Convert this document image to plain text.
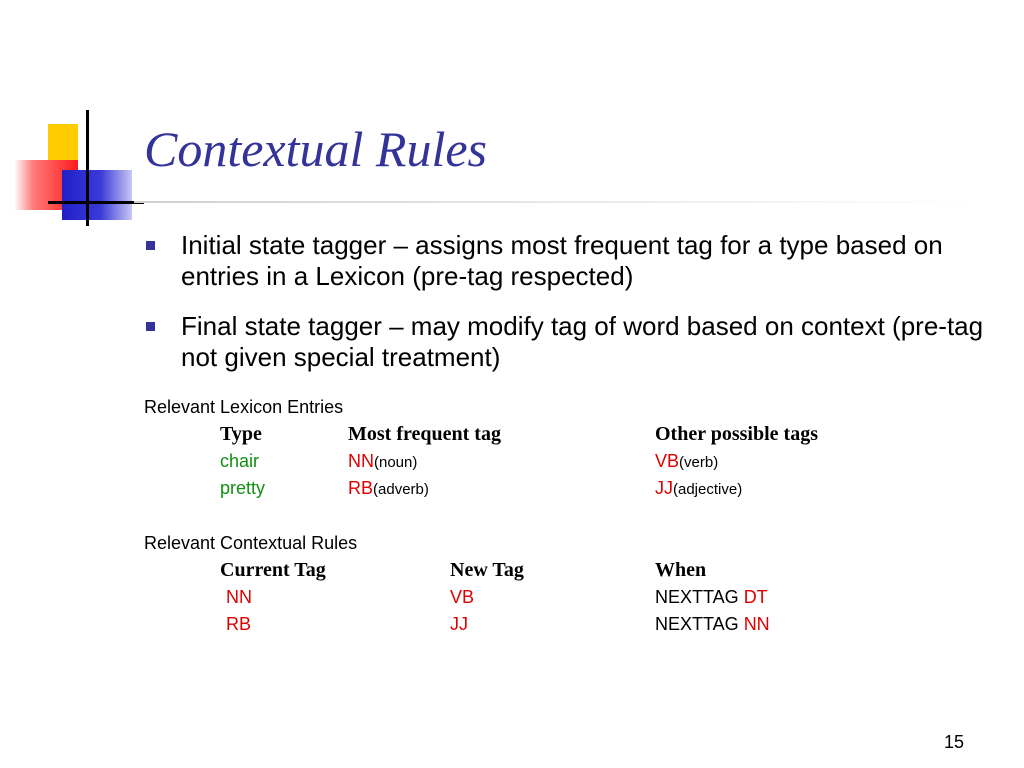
Contextual Rules
Initial state tagger – assigns most frequent tag for a type based on entries in a Lexicon (pre-tag respected)
Final state tagger – may modify tag of word based on context (pre-tag not given special treatment)
Relevant Lexicon Entries
Type	Most frequent tag	Other possible tags
chair	NN(noun)	VB(verb)
pretty	RB(adverb)	JJ(adjective)
Relevant Contextual Rules
Current Tag	New Tag	When
NN	VB	NEXTTAG DT
RB	JJ	NEXTTAG NN
15
